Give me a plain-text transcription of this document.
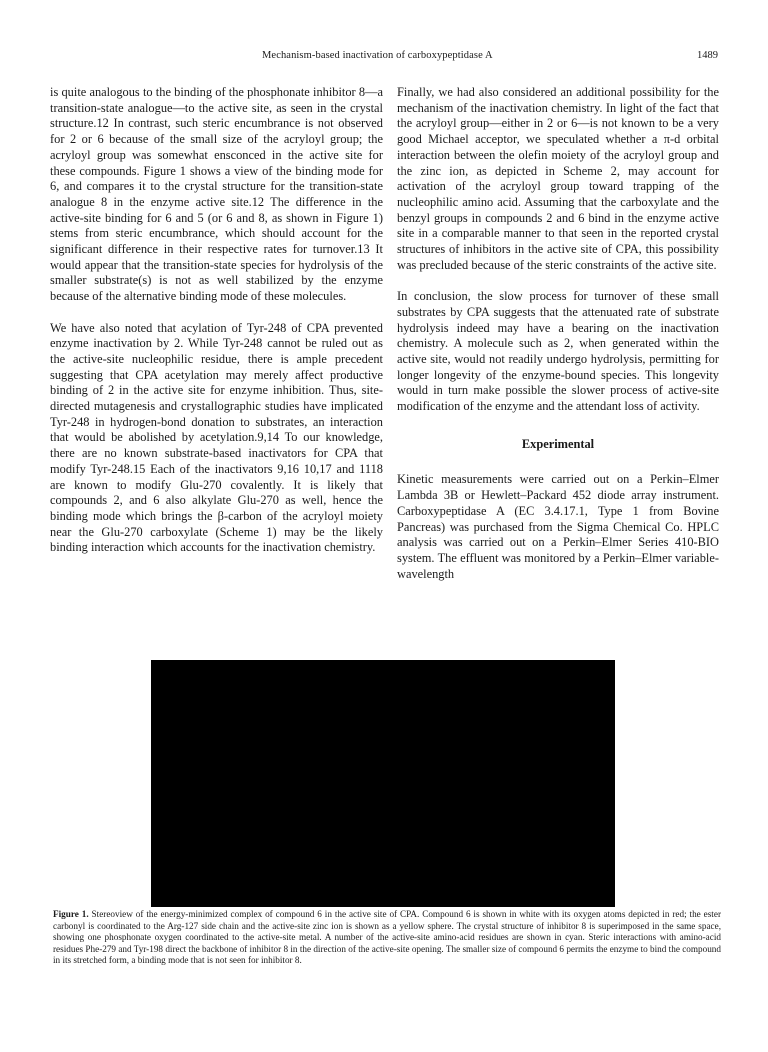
Mechanism-based inactivation of carboxypeptidase A	1489

is quite analogous to the binding of the phosphonate inhibitor 8—a transition-state analogue—to the active site, as seen in the crystal structure.12 In contrast, such steric encumbrance is not observed for 2 or 6 because of the small size of the acryloyl group; the acryloyl group was somewhat ensconced in the active site for these compounds. Figure 1 shows a view of the binding mode for 6, and compares it to the crystal structure for the transition-state analogue 8 in the enzyme active site.12 The difference in the active-site binding for 6 and 5 (or 6 and 8, as shown in Figure 1) stems from steric encumbrance, which should account for the significant difference in their respective rates for turnover.13 It would appear that the transition-state species for hydrolysis of the smaller substrate(s) is not as well stabilized by the enzyme because of the alternative binding mode of these molecules.

We have also noted that acylation of Tyr-248 of CPA prevented enzyme inactivation by 2. While Tyr-248 cannot be ruled out as the active-site nucleophilic residue, there is ample precedent suggesting that CPA acetylation may merely affect productive binding of 2 in the active site for enzyme inhibition. Thus, site-directed mutagenesis and crystallographic studies have implicated Tyr-248 in hydrogen-bond donation to substrates, an interaction that would be abolished by acetylation.9,14 To our knowledge, there are no known substrate-based inactivators for CPA that modify Tyr-248.15 Each of the inactivators 9,16 10,17 and 1118 are known to modify Glu-270 covalently. It is likely that compounds 2, and 6 also alkylate Glu-270 as well, hence the binding mode which brings the β-carbon of the acryloyl moiety near the Glu-270 carboxylate (Scheme 1) may be the likely binding interaction which accounts for the inactivation chemistry.

Finally, we had also considered an additional possibility for the mechanism of the inactivation chemistry. In light of the fact that the acryloyl group—either in 2 or 6—is not known to be a very good Michael acceptor, we speculated whether a π-d orbital interaction between the olefin moiety of the acryloyl group and the zinc ion, as depicted in Scheme 2, may account for activation of the acryloyl group toward trapping of the nucleophilic amino acid. Assuming that the carboxylate and the benzyl groups in compounds 2 and 6 bind in the enzyme active site in a comparable manner to that seen in the reported crystal structures of inhibitors in the active site of CPA, this possibility was precluded because of the steric constraints of the active site.

In conclusion, the slow process for turnover of these small substrates by CPA suggests that the attenuated rate of substrate hydrolysis indeed may have a bearing on the inactivation chemistry. A molecule such as 2, when generated within the active site, would not readily undergo hydrolysis, permitting for longer longevity of the enzyme-bound species. This longevity would in turn make possible the slower process of active-site modification of the enzyme and the attendant loss of activity.

Experimental

Kinetic measurements were carried out on a Perkin–Elmer Lambda 3B or Hewlett–Packard 452 diode array instrument. Carboxypeptidase A (EC 3.4.17.1, Type 1 from Bovine Pancreas) was purchased from the Sigma Chemical Co. HPLC analysis was carried out on a Perkin–Elmer Series 410-BIO system. The effluent was monitored by a Perkin–Elmer variable-wavelength

Figure 1. Stereoview of the energy-minimized complex of compound 6 in the active site of CPA. Compound 6 is shown in white with its oxygen atoms depicted in red; the ester carbonyl is coordinated to the Arg-127 side chain and the active-site zinc ion is shown as a yellow sphere. The crystal structure of inhibitor 8 is superimposed in the same space, showing one phosphonate oxygen coordinated to the active-site metal. A number of the active-site amino-acid residues are shown in cyan. Steric interactions with amino-acid residues Phe-279 and Tyr-198 direct the backbone of inhibitor 8 in the direction of the active-site opening. The smaller size of compound 6 permits the enzyme to bind the compound in its stretched form, a binding mode that is not seen for inhibitor 8.
